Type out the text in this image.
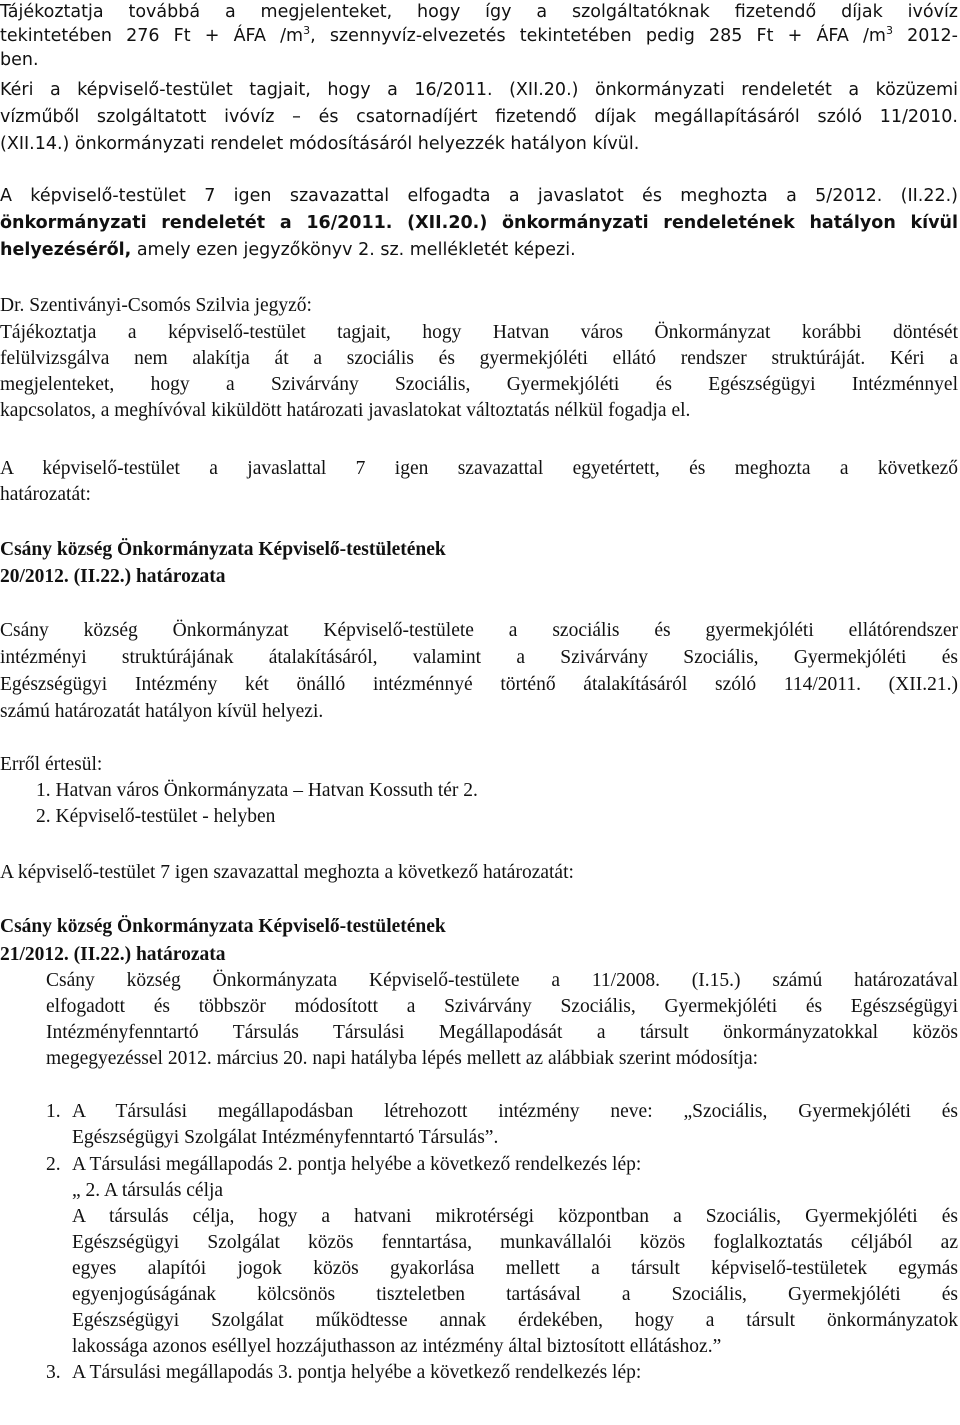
Tájékoztatja továbbá a megjelenteket, hogy így a szolgáltatóknak fizetendő díjak ivóvíz
tekintetében 276 Ft + ÁFA $/m^3$, szennyvíz-elvezetés tekintetében pedig 285 Ft + ÁFA $/m^3$ 2012-
ben.
Kéri a képviselő-testület tagjait, hogy a 16/2011. (XII.20.) önkormányzati rendeletét a közüzemi
vízműből szolgáltatott ivóvíz – és csatornadíjért fizetendő díjak megállapításáról szóló 11/2010.
(XII.14.) önkormányzati rendelet módosításáról helyezzék hatályon kívül.
A képviselő-testület 7 igen szavazattal elfogadta a javaslatot és meghozta a 5/2012. (II.22.)
önkormányzati rendeletét a 16/2011. (XII.20.) önkormányzati rendeletének hatályon kívül
helyezéséről, amely ezen jegyzőkönyv 2. sz. mellékletét képezi.
Dr. Szentiványi-Csomós Szilvia jegyző:
Tájékoztatja a képviselő-testület tagjait, hogy Hatvan város Önkormányzat korábbi döntését
felülvizsgálva nem alakítja át a szociális és gyermekjóléti ellátó rendszer struktúráját. Kéri a
megjelenteket, hogy a Szivárvány Szociális, Gyermekjóléti és Egészségügyi Intézménnyel
kapcsolatos, a meghívóval kiküldött határozati javaslatokat változtatás nélkül fogadja el.
A képviselő-testület a javaslattal 7 igen szavazattal egyetértett, és meghozta a következő
határozatát:
Csány község Önkormányzata Képviselő-testületének
20/2012. (II.22.) határozata
Csány község Önkormányzat Képviselő-testülete a szociális és gyermekjóléti ellátórendszer
intézményi struktúrájának átalakításáról, valamint a Szivárvány Szociális, Gyermekjóléti és
Egészségügyi Intézmény két önálló intézménnyé történő átalakításáról szóló 114/2011. (XII.21.)
számú határozatát hatályon kívül helyezi.
Erről értesül:
1. Hatvan város Önkormányzata – Hatvan Kossuth tér 2.
2. Képviselő-testület - helyben
A képviselő-testület 7 igen szavazattal meghozta a következő határozatát:
Csány község Önkormányzata Képviselő-testületének
21/2012. (II.22.) határozata
Csány község Önkormányzata Képviselő-testülete a 11/2008. (I.15.) számú határozatával
elfogadott és többször módosított a Szivárvány Szociális, Gyermekjóléti és Egészségügyi
Intézményfenntartó Társulás Társulási Megállapodását a társult önkormányzatokkal közös
megegyezéssel 2012. március 20. napi hatályba lépés mellett az alábbiak szerint módosítja:
1. A Társulási megállapodásban létrehozott intézmény neve: „Szociális, Gyermekjóléti és
Egészségügyi Szolgálat Intézményfenntartó Társulás”.
2. A Társulási megállapodás 2. pontja helyébe a következő rendelkezés lép:
„ 2. A társulás célja
A társulás célja, hogy a hatvani mikrotérségi központban a Szociális, Gyermekjóléti és
Egészségügyi Szolgálat közös fenntartása, munkavállalói közös foglalkoztatás céljából az
egyes alapítói jogok közös gyakorlása mellett a társult képviselő-testületek egymás
egyenjogúságának kölcsönös tiszteletben tartásával a Szociális, Gyermekjóléti és
Egészségügyi Szolgálat működtesse annak érdekében, hogy a társult önkormányzatok
lakossága azonos eséllyel hozzájuthasson az intézmény által biztosított ellátáshoz.”
3. A Társulási megállapodás 3. pontja helyébe a következő rendelkezés lép:
